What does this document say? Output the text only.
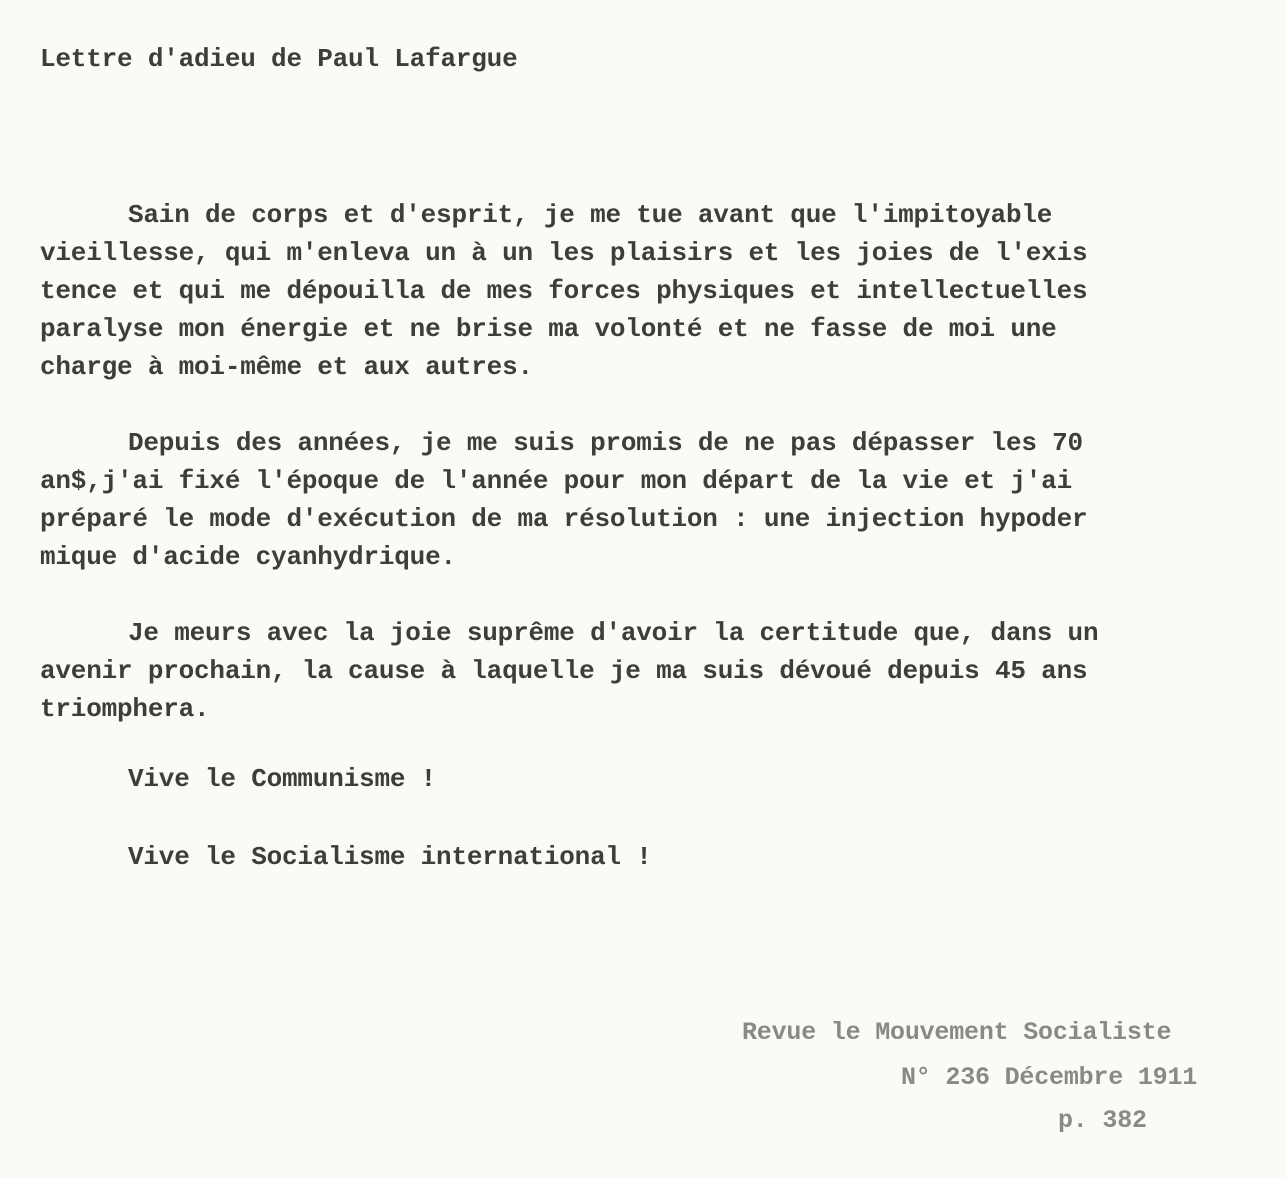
Lettre d'adieu de Paul Lafargue
Sain de corps et d'esprit, je me tue avant que l'impitoyable
vieillesse, qui m'enleva un à un les plaisirs et les joies de l'exis
tence et qui me dépouilla de mes forces physiques et intellectuelles
paralyse mon énergie et ne brise ma volonté et ne fasse de moi une
charge à moi-même et aux autres.
Depuis des années, je me suis promis de ne pas dépasser les 70
an$,j'ai fixé l'époque de l'année pour mon départ de la vie et j'ai
préparé le mode d'exécution de ma résolution : une injection hypoder
mique d'acide cyanhydrique.
Je meurs avec la joie suprême d'avoir la certitude que, dans un
avenir prochain, la cause à laquelle je ma suis dévoué depuis 45 ans
triomphera.
Vive le Communisme !
Vive le Socialisme international !
Revue le Mouvement Socialiste
N° 236 Décembre 1911
p. 382
